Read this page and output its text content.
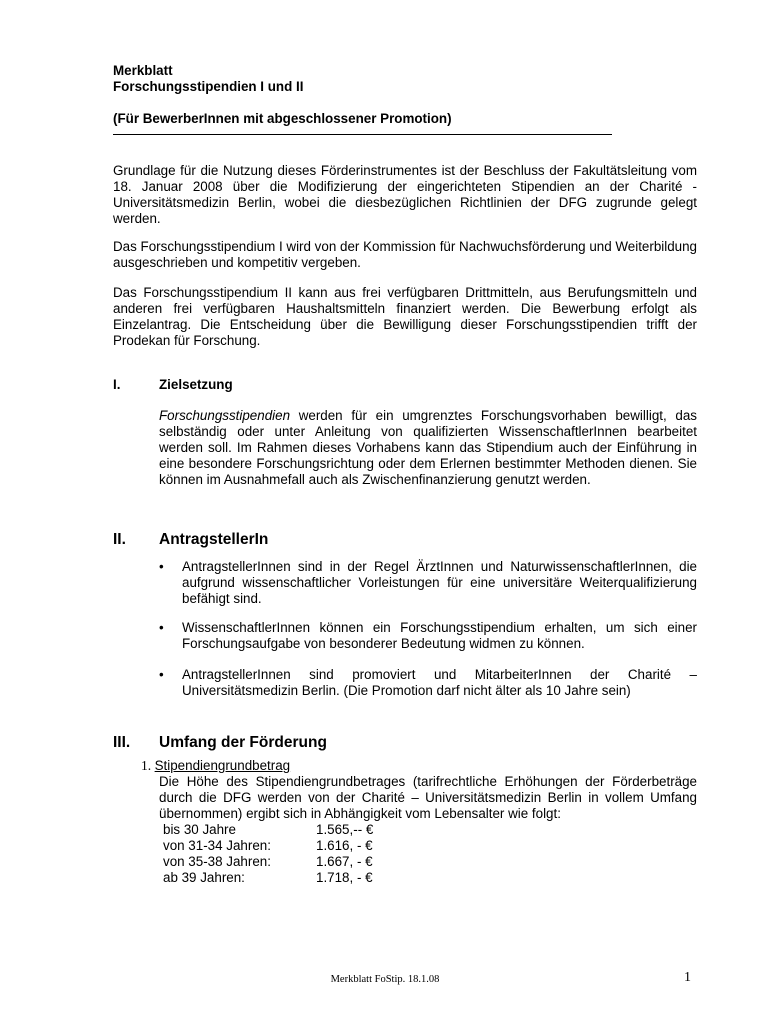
Merkblatt
Forschungsstipendien I und II
(Für BewerberInnen mit abgeschlossener Promotion)
Grundlage für die Nutzung dieses Förderinstrumentes ist der Beschluss der Fakultätsleitung vom 18. Januar 2008 über die Modifizierung der eingerichteten Stipendien an der Charité - Universitätsmedizin Berlin, wobei die diesbezüglichen Richtlinien der DFG zugrunde gelegt werden.
Das Forschungsstipendium I wird von der Kommission für Nachwuchsförderung und Weiterbildung ausgeschrieben und kompetitiv vergeben.
Das Forschungsstipendium II kann aus frei verfügbaren Drittmitteln, aus Berufungsmitteln und anderen frei verfügbaren Haushaltsmitteln finanziert werden. Die Bewerbung erfolgt als Einzelantrag. Die Entscheidung über die Bewilligung dieser Forschungsstipendien trifft der Prodekan für Forschung.
I.	Zielsetzung
Forschungsstipendien werden für ein umgrenztes Forschungsvorhaben bewilligt, das selbständig oder unter Anleitung von qualifizierten WissenschaftlerInnen bearbeitet werden soll. Im Rahmen dieses Vorhabens kann das Stipendium auch der Einführung in eine besondere Forschungsrichtung oder dem Erlernen bestimmter Methoden dienen. Sie können im Ausnahmefall auch als Zwischenfinanzierung genutzt werden.
II. AntragstellerIn
•	AntragstellerInnen sind in der Regel ÄrztInnen und NaturwissenschaftlerInnen, die aufgrund wissenschaftlicher Vorleistungen für eine universitäre Weiterqualifizierung befähigt sind.
•	WissenschaftlerInnen können ein Forschungsstipendium erhalten, um sich einer Forschungsaufgabe von besonderer Bedeutung widmen zu können.
•	AntragstellerInnen sind promoviert und MitarbeiterInnen der Charité – Universitätsmedizin Berlin. (Die Promotion darf nicht älter als 10 Jahre sein)
III. Umfang der Förderung
1. Stipendiengrundbetrag
Die Höhe des Stipendiengrundbetrages (tarifrechtliche Erhöhungen der Förderbeträge durch die DFG werden von der Charité – Universitätsmedizin Berlin in vollem Umfang übernommen) ergibt sich in Abhängigkeit vom Lebensalter wie folgt:
bis 30 Jahre	1.565,-- €
von 31-34 Jahren:	1.616, - €
von 35-38 Jahren:	1.667, - €
ab 39 Jahren:	1.718, - €
Merkblatt FoStip. 18.1.08	1
